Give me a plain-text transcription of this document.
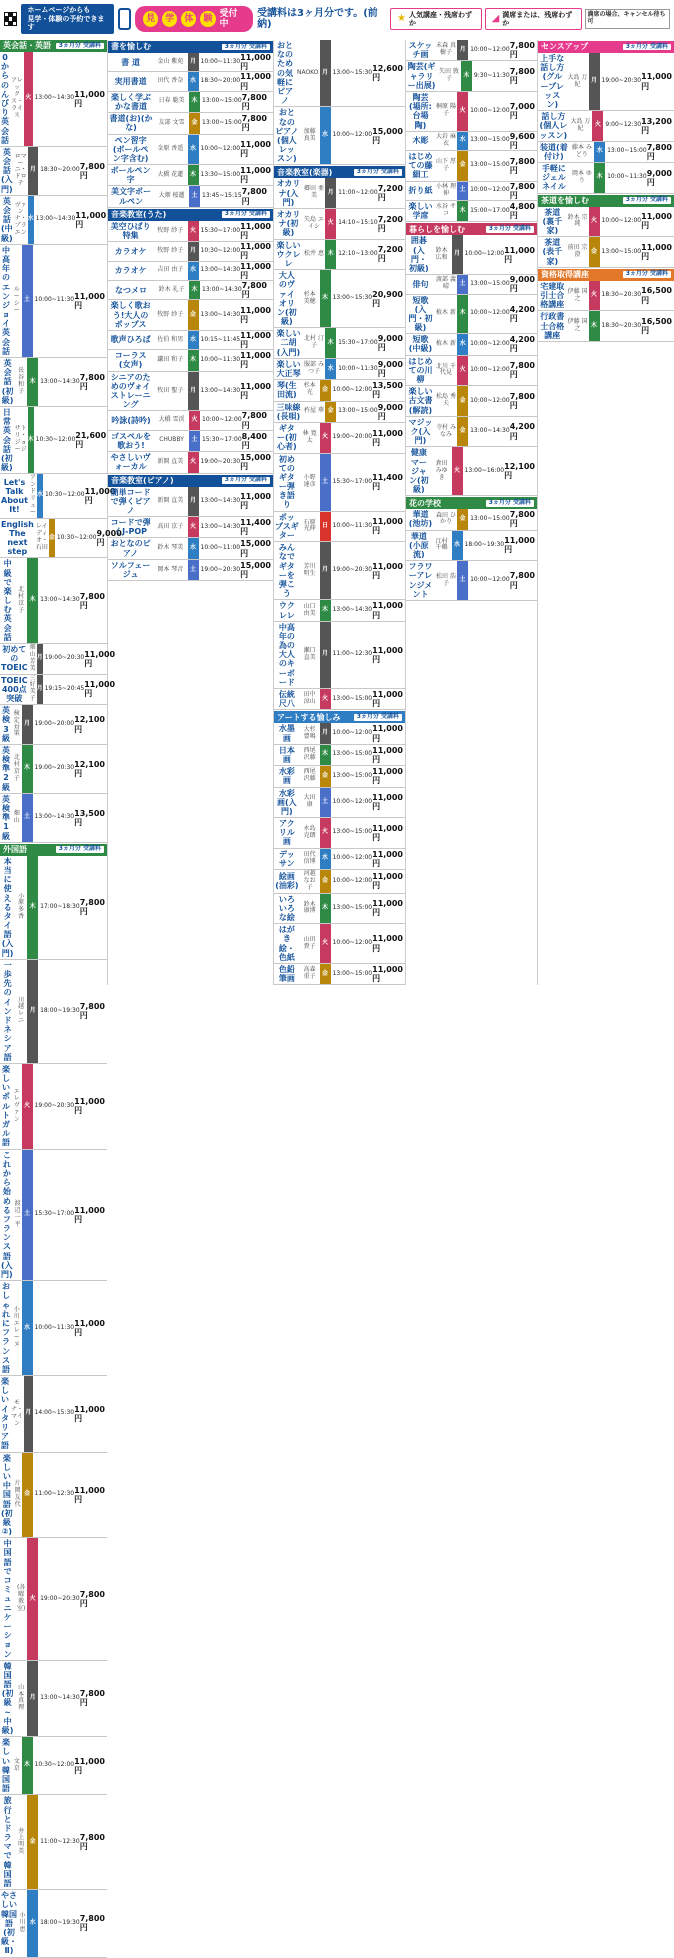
ホームページからも
見学・体験の予約できます
見	学	体	験
受付中
受講料は3ヶ月分です。(前納)
★ 人気講座・残席わずか	◢ 満席または、残席わずか
満席の場合、キャンセル待ち可
英会話・英語	3ヵ月分 受講料
0からのんびり英会話
アレックス・ライス
火 13:00~14:30 11,000円
英会話(入門)
ロマーニ・ドロテ
月 18:30~20:00 7,800円
英会話(中級)
ヴァンナ・プラエン
水 13:00~14:30 11,000円
中高年のエンジョイ英会話
ルーシー
土 10:00~11:30 11,000円
英会話(初級)
長谷 和子
木 13:00~14:30 7,800円
日常英会話(初級)
サトリ・ジョージ
木 10:30~12:00 21,600円
Let's Talk About It!
アンドリュー
水 10:30~12:00 11,000円
English The next step
レイディオ・石田
金 10:30~12:00 9,000円
中級で楽しむ英会話
北村 京子
木 13:00~14:30 7,800円
初めてのTOEIC
畑山 芳美
月 19:00~20:30 11,000円
TOEIC 400点突破
三好 美子
月 19:15~20:45 11,000円
英検3級
検定対策
月 19:00~20:00 12,100円
英検準2級
北村 京子
木 19:00~20:30 12,100円
英検準1級
畑山 土 13:00~14:30 13,500円
外国語	3ヵ月分 受講料
本当に使えるタイ語(入門)
小原 多香
木 17:00~18:30 7,800円
一歩先のインドネシア語
川越 レニ
月 18:00~19:30 7,800円
楽しいポルトガル語
エレヴァン
火 19:00~20:30 11,000円
これから始めるフランス語(入門)
渡辺 一平
土 15:30~17:00 11,000円
おしゃれにフランス語
小川 エレーヌ
水 10:00~11:30 11,000円
楽しいイタリア語
モナ・マイン
月 14:00~15:30 11,000円
楽しい中国語(初級②)
片岡 友代
金 11:00~12:30 11,000円
中国語でコミュニケーション
(各曜教室)
火 19:00~20:30 7,800円
韓国語(初級~中級)
山本 真理
月 13:00~14:30 7,800円
楽しい韓国語
文 京 木 10:30~12:00 11,000円
旅行とドラマで韓国語
井上 明美
金 11:00~12:30 7,800円
やさしい韓国語(初級・Ⅱ)
小川 恵
水 18:00~19:30 7,800円
書を愉しむ	3ヵ月分 受講料
書 道	金山 紫苑	月 10:00~11:30 11,000円
実用書道	田代 香奈	水 18:30~20:00 11,000円
楽しく学ぶかな書道
日春 聡美	木 13:00~15:00 7,800円
書道(お)(かな)
友部 文雪	金 13:00~15:00 7,800円
ペン習字(ボールペン字含む)
金原 香遥	水 10:00~12:00 11,000円
ボールペン字
大橋 花蓮	木 13:30~15:00 11,000円
美文字ボールペン
大畑 桜蓮	土 13:45~15:15 7,800円
音楽教室(うた)	3ヵ月分 受講料
美空ひばり特集
牧野 紗子	火 15:30~17:00 11,000円
カラオケ	牧野 紗子	月 10:30~12:00 11,000円
カラオケ	吉田 由子	水 13:00~14:30 11,000円
なつメロ	鈴木 礼子	木 13:00~14:30 7,800円
楽しく歌おう!大人のポップス
牧野 紗子	金 13:00~14:30 11,000円
歌声ひろば	佐伯 和男	水 10:15~11:45 11,000円
コーラス(女声)
鎌田 和子	木 10:00~11:30 11,000円
シニアのためのヴォイストレーニング
牧田 聖子	月 13:00~14:30 11,000円
吟詠(詩吟)	大橋 雪渓	火 10:00~12:00 7,800円
ゴスペルを歌おう!
CHUBBY	土 15:30~17:00 8,400円
やさしいヴォーカル
新開 直美	火 19:00~20:30 15,000円
音楽教室(ピアノ)	3ヵ月分 受講料
簡単コードで弾くピアノ
新開 直美	月 13:00~14:30 11,000円
コードで弾くJ-POP
高田 京子	火 13:00~14:30 11,400円
おとなのピアノ
鈴木 琴美	水 10:00~11:00 15,000円
ソルフェージュ
岡本 琴音	土 19:00~20:30 15,000円
おとなのための気軽にピアノ
NAOKO 月 13:00~15:30 12,600円
おとなのピアノ(個人レッスン)
加藤 真美	水 10:00~12:00 15,000円
音楽教室(楽器)	3ヵ月分 受講料
オカリナ(入門)
郷田 亜美	月 11:00~12:00 7,200円
オカリナ(初級)
矢島 エイシ	火 14:10~15:10 7,200円
楽しいウクレレ
松井 恵 木 12:10~13:00 7,200円
大人のヴァイオリン(初級)
杉本 美穂	木 13:00~15:30 20,900円
楽しい二胡(入門)
北村 汀子	木 15:30~17:00 9,000円
楽しい大正琴
服部 みつ子	水 10:00~11:30 9,000円
琴(生田流)
杉本 光	金 10:00~12:00 13,500円
三味線(長唄)
杵屋 華 金 13:00~15:00 9,000円
ギター(初心者)
林 寛太	火 19:00~20:00 11,000円
初めてのギター弾き語り
小野 達彦	土 15:30~17:00 11,400円
ポップスギター
石原 光伸	日 10:00~11:30 11,000円
みんなでギターを弾こう
芳川 明生	月 19:00~20:30 11,000円
ウクレレ
山口 由美	木 13:00~14:30 11,000円
中高年の為の大人のキーボード
瀬口 直美	月 11:00~12:30 11,000円
伝統尺八
田中 涼山	火 13:00~15:00 11,000円
アートする愉しみ	3ヵ月分 受講料
水墨画
大杉 豊鳴	月 10:00~12:00 11,000円
日本画
西尾 沢藤	木 13:00~15:00 11,000円
水彩画
西尾 沢藤	金 13:00~15:00 11,000円
水彩画(入門)
大田 康	土 10:00~12:00 11,000円
アクリル画
永島 克朗	火 13:00~15:00 11,000円
デッサン
田代 信博	水 10:00~12:00 11,000円
絵画(油彩)
河越 なお子
金 10:00~12:00 11,000円
いろいろな絵
鈴木 康博	木 13:00~15:00 11,000円
はがき絵・色紙
山田 貴子	火 10:00~12:00 11,000円
色鉛筆画
高森 重子	金 13:00~15:00 11,000円
スケッチ画
末森 真樹子	月 10:00~12:00 7,800円
陶芸(ギャラリー出展)
矢田 敦子	木 9:30~11:30 7,800円
陶芸(場所:台場陶)
桐原 陽子	火 10:00~12:00 7,000円
木彫	大岩 麻衣	水 13:00~15:00 9,600円
はじめての藤細工
山下 厚子	金 13:00~15:00 7,800円
折り紙 小林 理伸	土 10:00~12:00 7,800円
楽しい学席
水谷 サコ	木 15:00~17:00 4,800円
暮らしを愉しむ	3ヵ月分 受講料
囲碁(入門・初級)
鈴木 広和	月 10:00~12:00 11,000円
俳句	渡部 義晴	土 13:00~15:00 9,000円
短歌(入門・初級)
植木 新 木 10:00~12:00 4,200円
短歌(中級)
植木 新 水 10:00~12:00 4,200円
はじめての川柳
北川 千代見	火 10:00~12:00 7,800円
楽しい古文書(解読)
松島 秀夫	金 10:00~12:00 7,800円
マジック(入門)
寺村 みなみ	金 13:00~14:30 4,200円
健康マージャン(初級)
倉田 みゆき
火 13:00~16:00 12,100円
花の学校	3ヵ月分 受講料
華道(池坊)
森田 ひかり	金 13:00~15:00 7,800円
華道(小原流)
江村 千鶴	水 18:00~19:30 11,000円
フラワーアレンジメント
松田 浩子	土 10:00~12:00 7,800円
センスアップ	3ヵ月分 受講料
上手な話し方(グループレッスン)
大島 万紀	月 19:00~20:30 11,000円
話し方(個人レッスン)
大島 万紀	火 9:00~12:30 13,200円
装道(着付け)
藤本 みどり	水 13:00~15:00 7,800円
手軽にジェルネイル
岡本 ゆり	木 10:00~11:30 9,000円
茶道を愉しむ	3ヵ月分 受講料
茶道(裏千家)
鈴木 宗純	火 10:00~12:00 11,000円
茶道(表千家)
前田 宗澄	金 13:00~15:00 11,000円
資格取得講座	3ヵ月分 受講料
宅建取引士合格講座
伊藤 国之	火 18:30~20:30 16,500円
行政書士合格講座
伊藤 国之	木 18:30~20:30 16,500円
